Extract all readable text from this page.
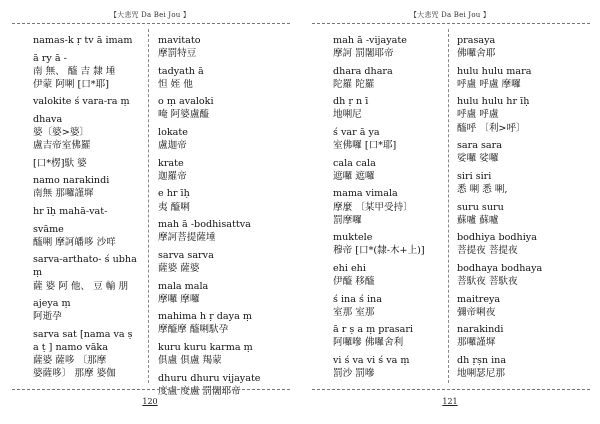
【大悲咒 Da Bei Jou 】
namas-k ṛ tv ā imam
ā ry ā -
南 無、 醯 吉 隸 埵
伊蒙 阿唎 [口*耶]
valokite ś vara-ra ṃ
dhava
婆〔婆>婆〕
盧吉帝室佛羅
[口*楞]馱 婆
namo narakindi
南無 那囉謹墀
hr īḥ mahā-vat-
svāme
醯唎 摩訶皤哆 沙咩
sarva-arthato- ś ubha
ṃ
薩 婆 阿 他、 豆 輸 朋
ajeya ṃ
阿逝孕
sarva sat [nama va ṣ
a ṭ ] namo vāka
薩婆 薩哆 〔那摩
婆薩哆〕 那摩 婆伽
mavitato
摩罰特豆
tadyath ā
怛 姪 他
o ṃ avaloki
唵 阿婆盧醯
lokate
盧迦帝
krate
迦羅帝
e hr īḥ
夷 醯唎
mah ā -bodhisattva
摩訶菩提薩埵
sarva sarva
薩婆 薩婆
mala mala
摩囉 摩囉
mahima h ṛ daya ṃ
摩醯摩 醯唎馱孕
kuru kuru karma ṃ
俱盧 俱盧 羯蒙
dhuru dhuru vijayate
度盧 度盧 罰闍耶帝
120
【大悲咒 Da Bei Jou 】
mah ā -vijayate
摩訶 罰闍耶帝
dhara dhara
陀羅 陀羅
dh ṛ n ī
地唎尼
ś var ā ya
室佛囉 [口*耶]
cala cala
遮囉 遮囉
mama vimala
摩麼 〔某甲受持〕
罰摩囉
muktele
穆帝 [口*(隸-木+上)]
ehi ehi
伊醯 移醯
ś ina ś ina
室那 室那
ā r ṣ a ṃ prasari
阿囉嘇 佛囉舍利
vi ś va vi ś va ṃ
罰沙 罰嘇
prasaya
佛囉舍耶
hulu hulu mara
呼盧 呼盧 摩囉
hulu hulu hr īḥ
呼盧 呼盧
醯呼 〔利>呼〕
sara sara
娑囉 娑囉
siri siri
悉 唎 悉 唎,
suru suru
蘇嚧 蘇嚧
bodhiya bodhiya
菩提夜 菩提夜
bodhaya bodhaya
菩馱夜 菩馱夜
maitreya
彌帝唎夜
narakindi
那囉謹墀
dh ṛṣn ina
地唎瑟尼那
121
